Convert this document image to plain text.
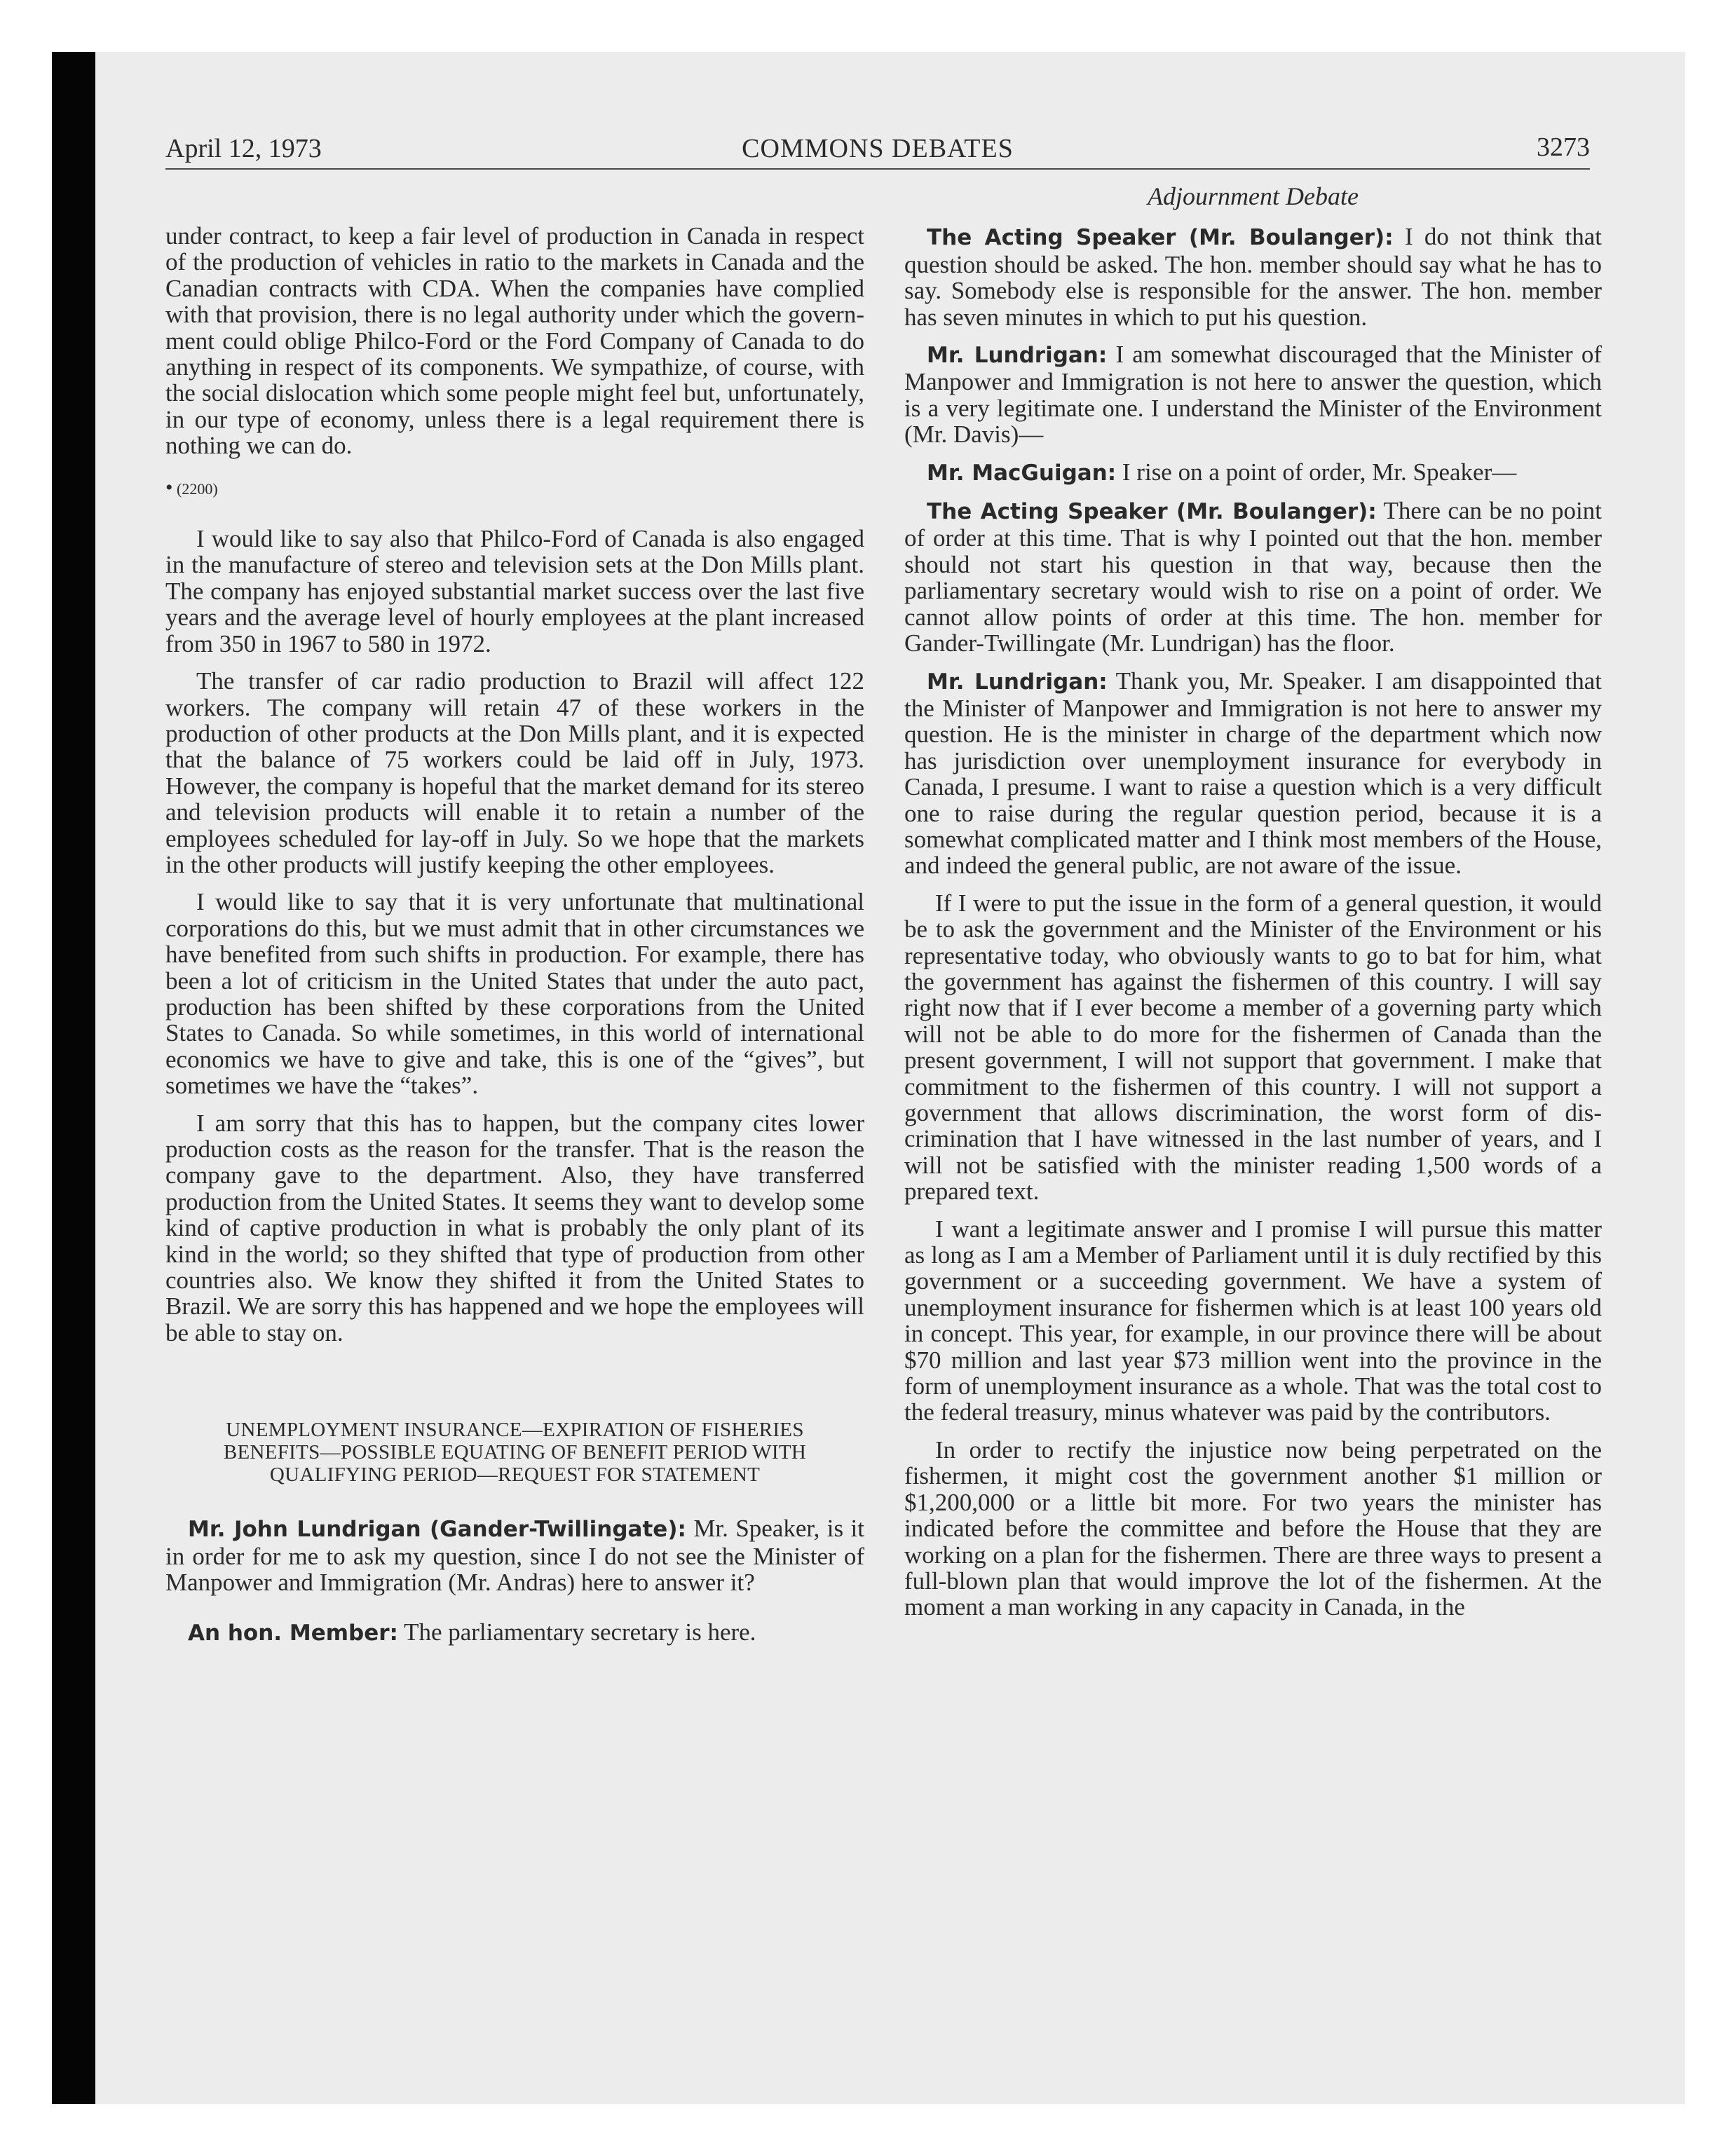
April 12, 1973	COMMONS DEBATES	3273

under contract, to keep a fair level of production in Canada in respect of the production of vehicles in ratio to the markets in Canada and the Canadian contracts with CDA. When the companies have complied with that provision, there is no legal authority under which the government could oblige Philco-Ford or the Ford Company of Canada to do anything in respect of its components. We sympathize, of course, with the social dislocation which some people might feel but, unfortunately, in our type of economy, unless there is a legal requirement there is nothing we can do.

• (2200)

I would like to say also that Philco-Ford of Canada is also engaged in the manufacture of stereo and television sets at the Don Mills plant. The company has enjoyed substantial market success over the last five years and the average level of hourly employees at the plant increased from 350 in 1967 to 580 in 1972.

The transfer of car radio production to Brazil will affect 122 workers. The company will retain 47 of these workers in the production of other products at the Don Mills plant, and it is expected that the balance of 75 workers could be laid off in July, 1973. However, the company is hopeful that the market demand for its stereo and television products will enable it to retain a number of the employees scheduled for lay-off in July. So we hope that the markets in the other products will justify keeping the other employees.

I would like to say that it is very unfortunate that multinational corporations do this, but we must admit that in other circumstances we have benefited from such shifts in production. For example, there has been a lot of criticism in the United States that under the auto pact, production has been shifted by these corporations from the United States to Canada. So while sometimes, in this world of international economics we have to give and take, this is one of the “gives”, but sometimes we have the “takes”.

I am sorry that this has to happen, but the company cites lower production costs as the reason for the transfer. That is the reason the company gave to the department. Also, they have transferred production from the United States. It seems they want to develop some kind of captive production in what is probably the only plant of its kind in the world; so they shifted that type of production from other countries also. We know they shifted it from the United States to Brazil. We are sorry this has happened and we hope the employees will be able to stay on.

UNEMPLOYMENT INSURANCE—EXPIRATION OF FISHERIES BENEFITS—POSSIBLE EQUATING OF BENEFIT PERIOD WITH QUALIFYING PERIOD—REQUEST FOR STATEMENT

Mr. John Lundrigan (Gander-Twillingate): Mr. Speaker, is it in order for me to ask my question, since I do not see the Minister of Manpower and Immigration (Mr. Andras) here to answer it?

An hon. Member: The parliamentary secretary is here.

Adjournment Debate

The Acting Speaker (Mr. Boulanger): I do not think that question should be asked. The hon. member should say what he has to say. Somebody else is responsible for the answer. The hon. member has seven minutes in which to put his question.

Mr. Lundrigan: I am somewhat discouraged that the Minister of Manpower and Immigration is not here to answer the question, which is a very legitimate one. I understand the Minister of the Environment (Mr. Davis)—

Mr. MacGuigan: I rise on a point of order, Mr. Speaker—

The Acting Speaker (Mr. Boulanger): There can be no point of order at this time. That is why I pointed out that the hon. member should not start his question in that way, because then the parliamentary secretary would wish to rise on a point of order. We cannot allow points of order at this time. The hon. member for Gander-Twillingate (Mr. Lundrigan) has the floor.

Mr. Lundrigan: Thank you, Mr. Speaker. I am disappointed that the Minister of Manpower and Immigration is not here to answer my question. He is the minister in charge of the department which now has jurisdiction over unemployment insurance for everybody in Canada, I presume. I want to raise a question which is a very difficult one to raise during the regular question period, because it is a somewhat complicated matter and I think most members of the House, and indeed the general public, are not aware of the issue.

If I were to put the issue in the form of a general question, it would be to ask the government and the Minister of the Environment or his representative today, who obviously wants to go to bat for him, what the government has against the fishermen of this country. I will say right now that if I ever become a member of a governing party which will not be able to do more for the fishermen of Canada than the present government, I will not support that government. I make that commitment to the fishermen of this country. I will not support a government that allows discrimination, the worst form of discrimination that I have witnessed in the last number of years, and I will not be satisfied with the minister reading 1,500 words of a prepared text.

I want a legitimate answer and I promise I will pursue this matter as long as I am a Member of Parliament until it is duly rectified by this government or a succeeding government. We have a system of unemployment insurance for fishermen which is at least 100 years old in concept. This year, for example, in our province there will be about $70 million and last year $73 million went into the province in the form of unemployment insurance as a whole. That was the total cost to the federal treasury, minus whatever was paid by the contributors.

In order to rectify the injustice now being perpetrated on the fishermen, it might cost the government another $1 million or $1,200,000 or a little bit more. For two years the minister has indicated before the committee and before the House that they are working on a plan for the fishermen. There are three ways to present a full-blown plan that would improve the lot of the fishermen. At the moment a man working in any capacity in Canada, in the
